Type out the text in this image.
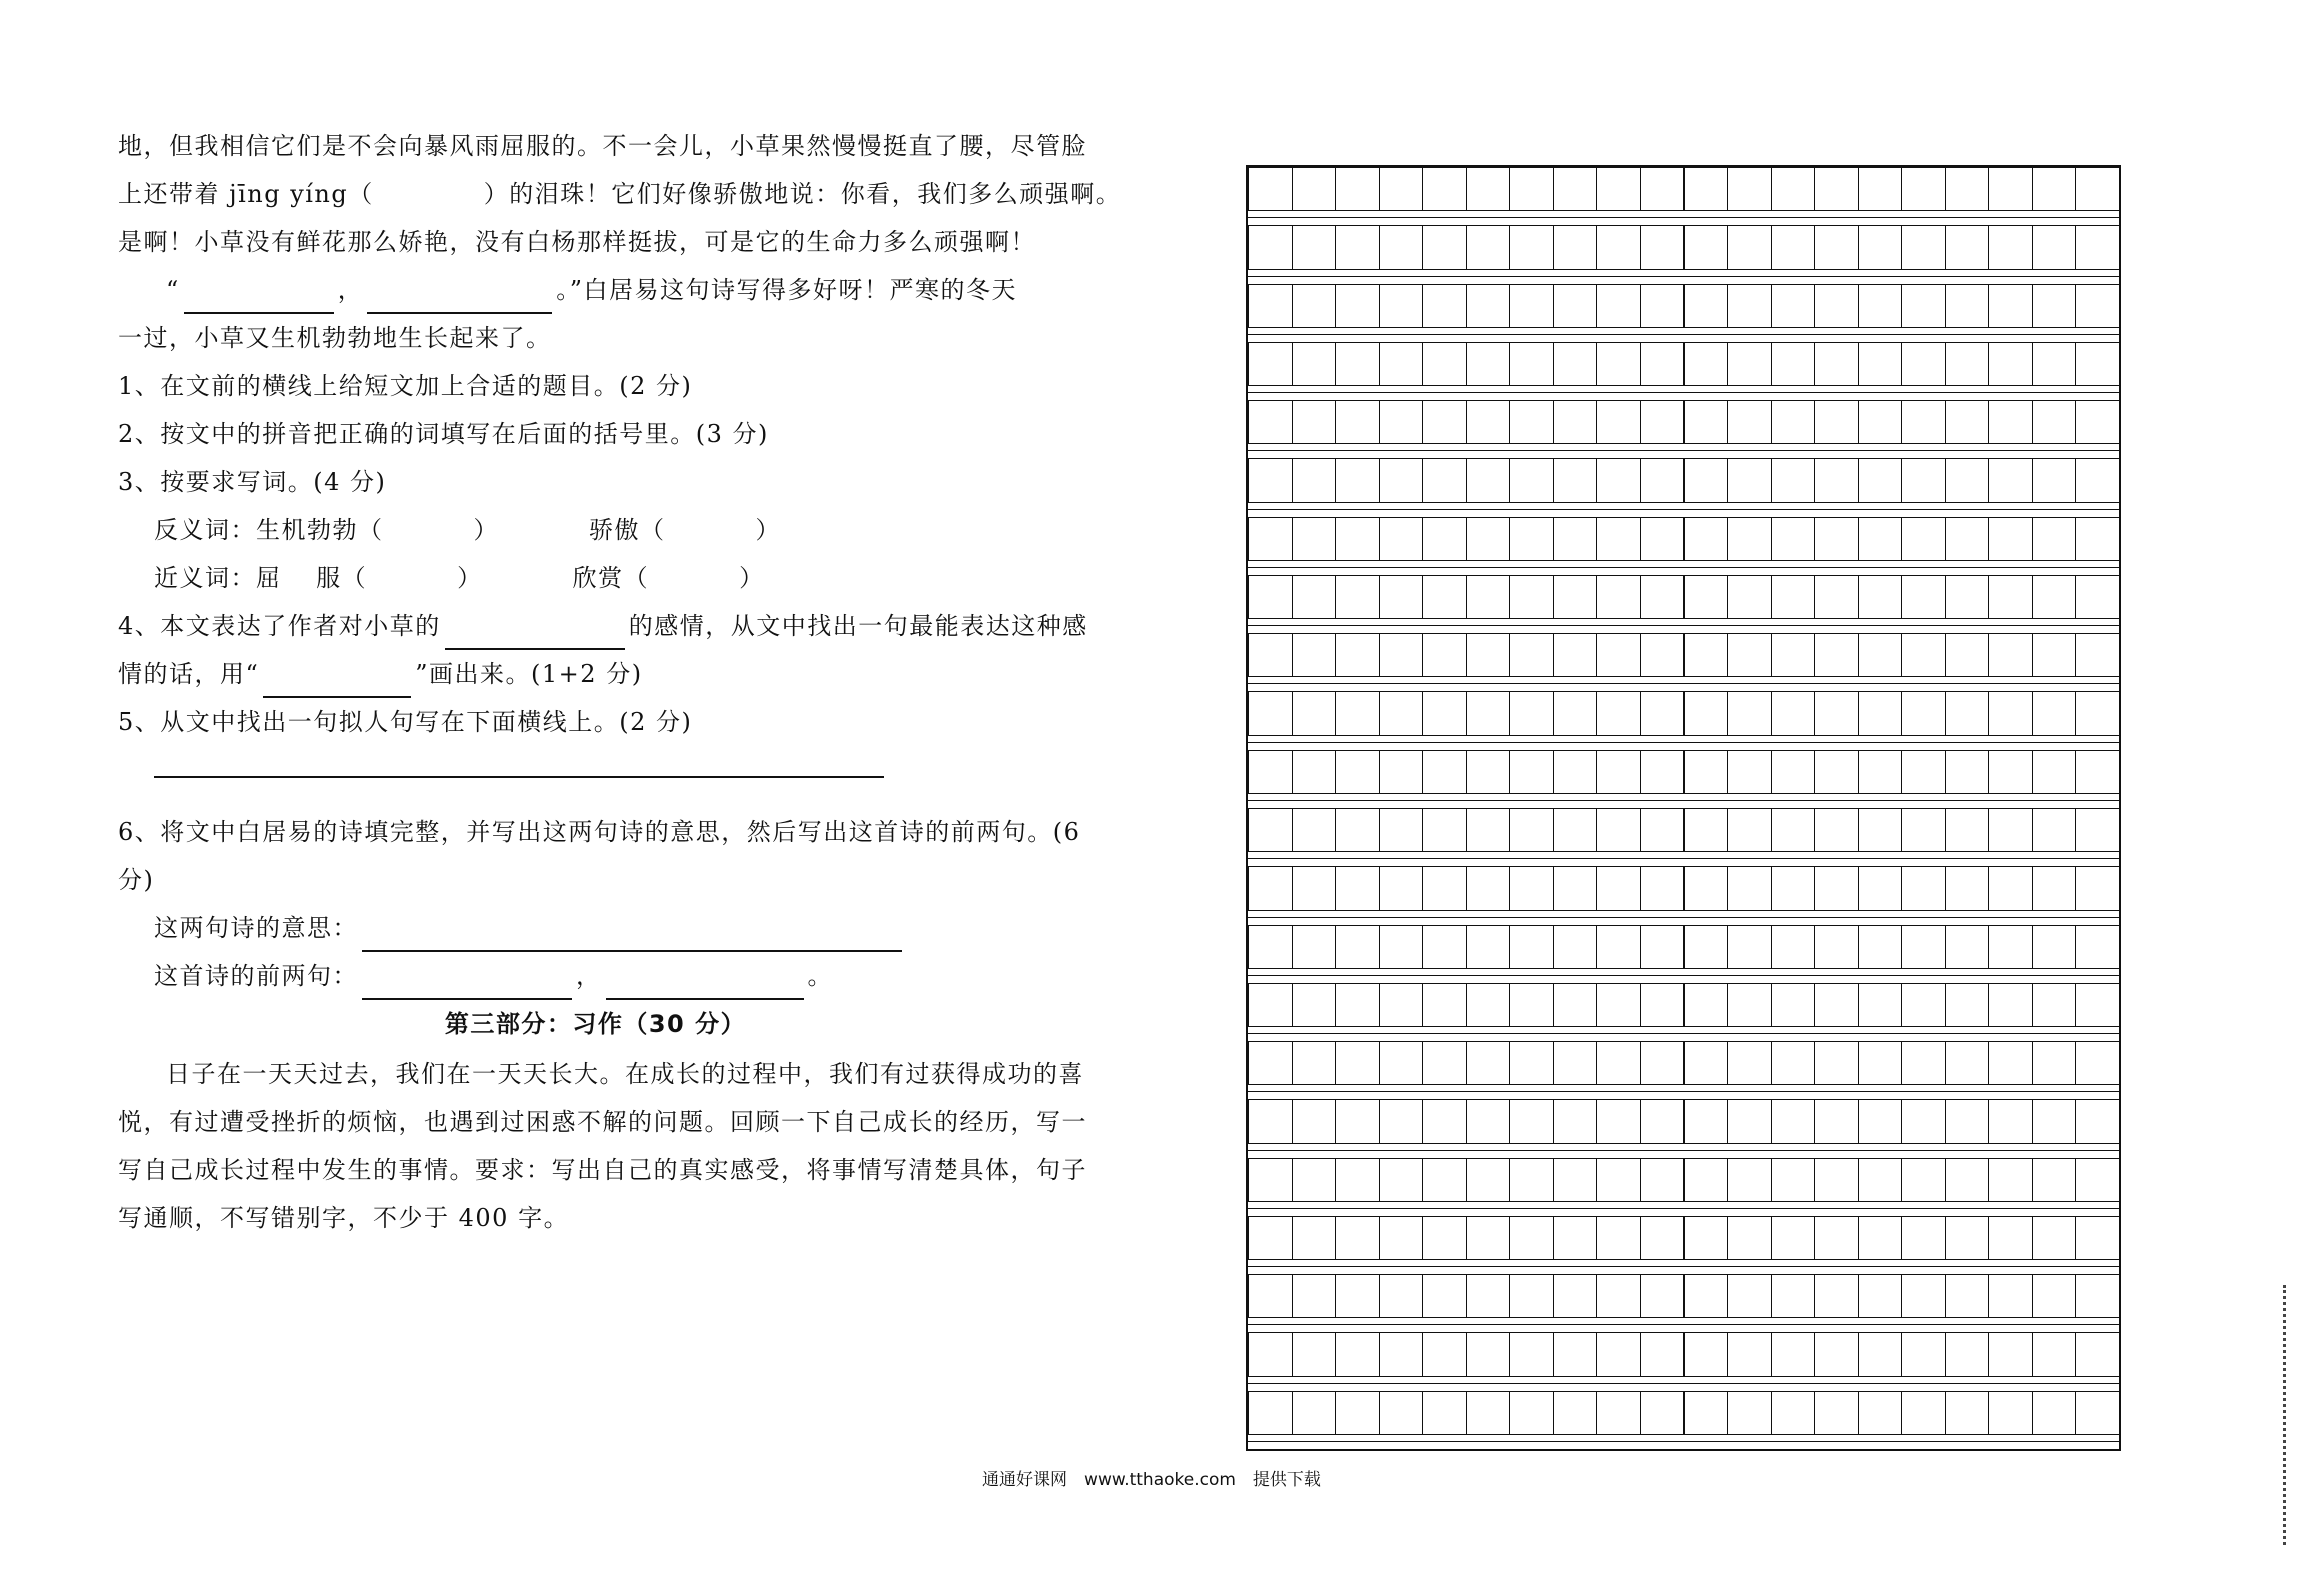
地，但我相信它们是不会向暴风雨屈服的。不一会儿，小草果然慢慢挺直了腰，尽管脸
上还带着 jīng yíng（	）的泪珠！它们好像骄傲地说：你看，我们多么顽强啊。
是啊！小草没有鲜花那么娇艳，没有白杨那样挺拔，可是它的生命力多么顽强啊！
“	，	。”白居易这句诗写得多好呀！严寒的冬天
一过，小草又生机勃勃地生长起来了。
1、在文前的横线上给短文加上合适的题目。(2 分)
2、按文中的拼音把正确的词填写在后面的括号里。(3 分)
3、按要求写词。(4 分)
反义词：生机勃勃（	）	骄傲（	）
近义词：屈　 服（	）	欣赏（	）
4、本文表达了作者对小草的	的感情，从文中找出一句最能表达这种感
情的话，用“	”画出来。(1+2 分)
5、从文中找出一句拟人句写在下面横线上。(2 分)
6、将文中白居易的诗填完整，并写出这两句诗的意思，然后写出这首诗的前两句。(6
分)
这两句诗的意思：
这首诗的前两句：	，	。
第三部分：习作（30 分）
日子在一天天过去，我们在一天天长大。在成长的过程中，我们有过获得成功的喜
悦，有过遭受挫折的烦恼，也遇到过困惑不解的问题。回顾一下自己成长的经历，写一
写自己成长过程中发生的事情。要求：写出自己的真实感受，将事情写清楚具体，句子
写通顺，不写错别字，不少于 400 字。
通通好课网　www.tthaoke.com　提供下载
